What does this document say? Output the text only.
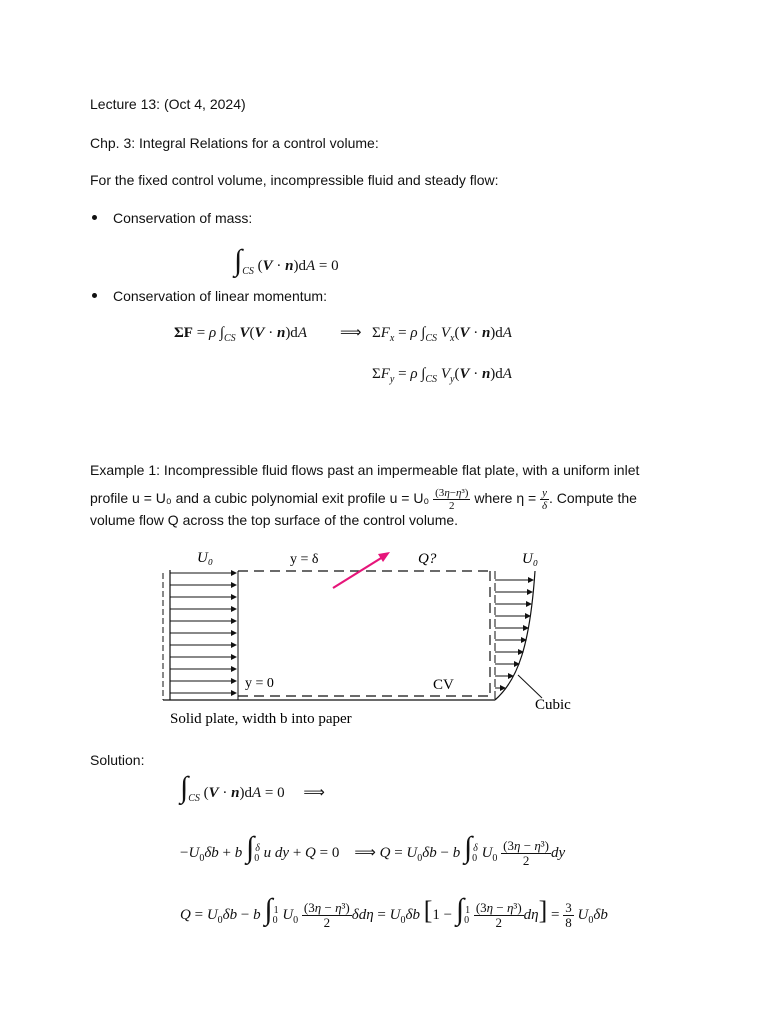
Lecture 13: (Oct 4, 2024)
Chp. 3: Integral Relations for a control volume:
For the fixed control volume, incompressible fluid and steady flow:
Conservation of mass:
$\int_{CS}$ (V · n)dA = 0
Conservation of linear momentum:
ΣF = ρ $\int_{CS}$ V(V · n)dA ⟹ $\Sigma F_x = \rho$ $\int_{CS}$ $V_x(V \cdot n)dA$
$\Sigma F_y = \rho$ $\int_{CS}$ $V_y(V \cdot n)dA$
Example 1: Incompressible fluid flows past an impermeable flat plate, with a uniform inlet
profile u = U₀ and a cubic polynomial exit profile $u = U_0 \frac{\text{(3η−η³)}}{2}$ where $\eta = \frac{y}{\delta}$ . Compute the
volume flow Q across the top surface of the control volume.
U₀	y = δ	Q?	U₀
y = 0	CV
Cubic
Solid plate, width b into paper
Solution:
$\int_{CS}$ (V · n)dA = 0     ⟹
$-U_0\delta b + b$ $\int_0^\delta$ u dy + Q = 0    ⟹ $Q = U_0\delta b - b$ $\int_0^\delta$ $U_0 \frac{\text{(3η − η³)}}{2}$ dy
$Q = U_0\delta b - b$ $\int_0^1$ $U_0 \frac{\text{(3η − η³)}}{2}$ $\delta d\eta = U_0\delta b$ $[1 - \int_0^1 \frac{\text{(3η − η³)}}{2} d\eta] = \frac{3}{8} U_0\delta b$
